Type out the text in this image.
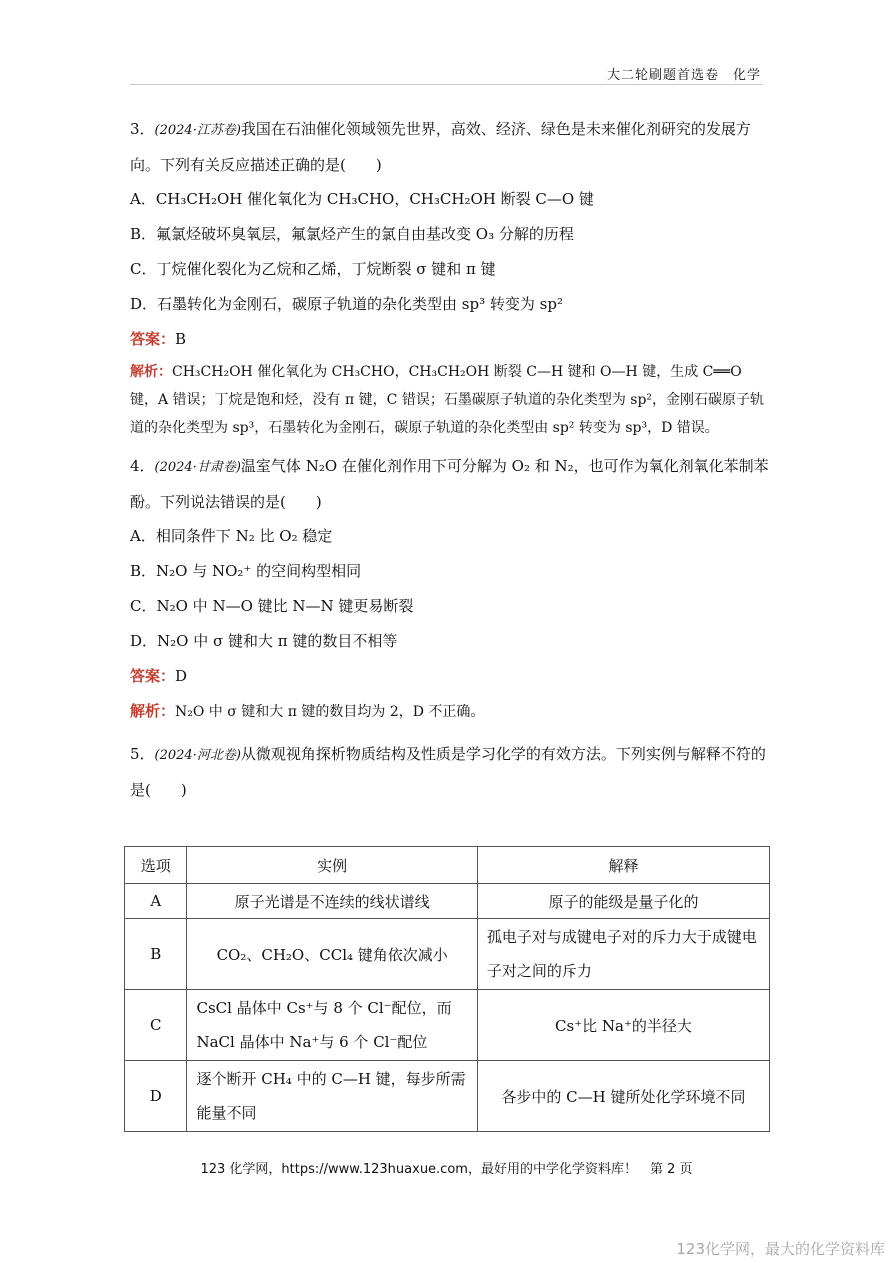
大二轮刷题首选卷　化学
3．(2024·江苏卷)我国在石油催化领域领先世界，高效、经济、绿色是未来催化剂研究的发展方向。下列有关反应描述正确的是(　　)
A．CH₃CH₂OH 催化氧化为 CH₃CHO，CH₃CH₂OH 断裂 C—O 键
B．氟氯烃破坏臭氧层，氟氯烃产生的氯自由基改变 O₃ 分解的历程
C．丁烷催化裂化为乙烷和乙烯，丁烷断裂 σ 键和 π 键
D．石墨转化为金刚石，碳原子轨道的杂化类型由 sp³ 转变为 sp²
答案：B
解析：CH₃CH₂OH 催化氧化为 CH₃CHO，CH₃CH₂OH 断裂 C—H 键和 O—H 键，生成 C══O 键，A 错误；丁烷是饱和烃，没有 π 键，C 错误；石墨碳原子轨道的杂化类型为 sp²，金刚石碳原子轨道的杂化类型为 sp³，石墨转化为金刚石，碳原子轨道的杂化类型由 sp² 转变为 sp³，D 错误。
4．(2024·甘肃卷)温室气体 N₂O 在催化剂作用下可分解为 O₂ 和 N₂，也可作为氧化剂氧化苯制苯酚。下列说法错误的是(　　)
A．相同条件下 N₂ 比 O₂ 稳定
B．N₂O 与 NO₂⁺ 的空间构型相同
C．N₂O 中 N—O 键比 N—N 键更易断裂
D．N₂O 中 σ 键和大 π 键的数目不相等
答案：D
解析：N₂O 中 σ 键和大 π 键的数目均为 2，D 不正确。
5．(2024·河北卷)从微观视角探析物质结构及性质是学习化学的有效方法。下列实例与解释不符的是(　　)
选项	实例	解释
A	原子光谱是不连续的线状谱线	原子的能级是量子化的
B	CO₂、CH₂O、CCl₄ 键角依次减小	孤电子对与成键电子对的斥力大于成键电子对之间的斥力

C	CsCl 晶体中 Cs⁺与 8 个 Cl⁻配位，而 NaCl 晶体中 Na⁺与 6 个 Cl⁻配位	Cs⁺比 Na⁺的半径大
D	逐个断开 CH₄ 中的 C—H 键，每步所需能量不同	各步中的 C—H 键所处化学环境不同
123 化学网，https://www.123huaxue.com，最好用的中学化学资料库！　第 2 页
123化学网，最大的化学资料库
